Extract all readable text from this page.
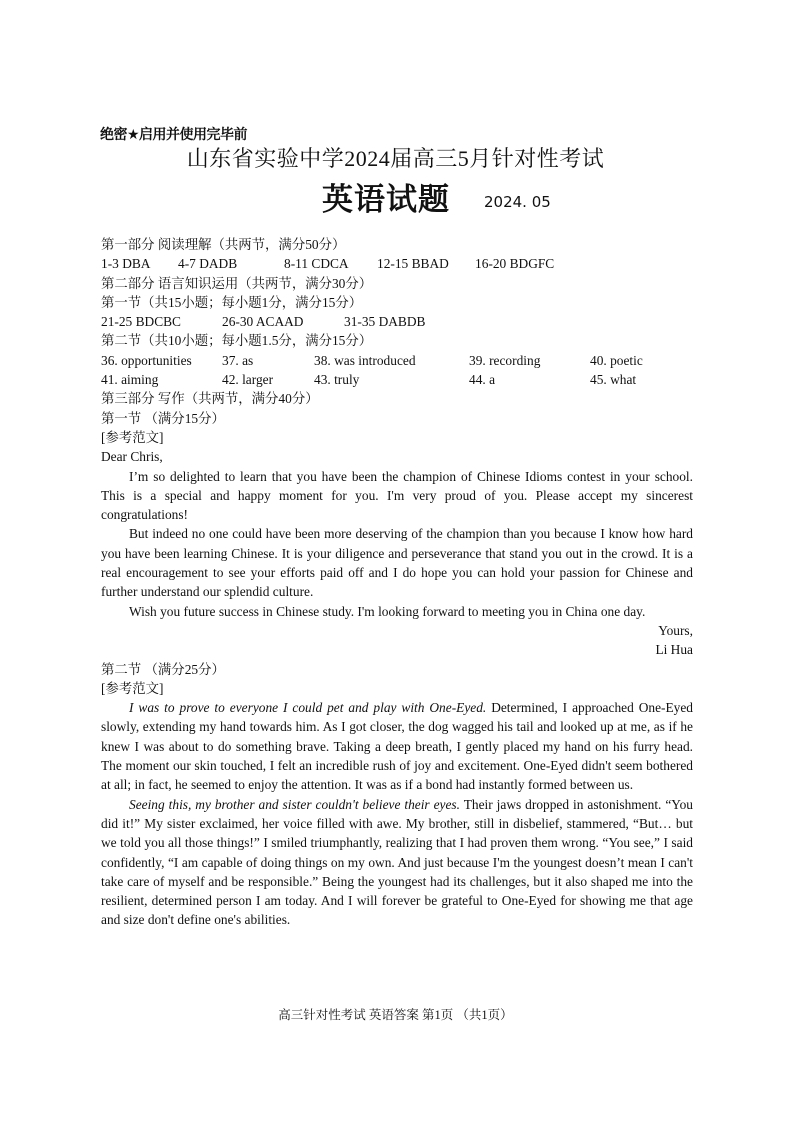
绝密★启用并使用完毕前
山东省实验中学2024届高三5月针对性考试
英语试题 2024. 05
第一部分 阅读理解（共两节，满分50分）
1-3 DBA 4-7 DADB	8-11 CDCA 12-15 BBAD 16-20 BDGFC
第二部分 语言知识运用（共两节，满分30分）
第一节（共15小题；每小题1分，满分15分）
21-25 BDCBC	26-30 ACAAD	31-35 DABDB
第二节（共10小题；每小题1.5分，满分15分）
36. opportunities 37. as	38. was introduced	39. recording	40. poetic
41. aiming	42. larger	43. truly	44. a	45. what
第三部分 写作（共两节，满分40分）
第一节 （满分15分）
[参考范文]
Dear Chris,

I’m so delighted to learn that you have been the champion of Chinese Idioms contest in your school. This is a special and happy moment for you. I'm very proud of you. Please accept my sincerest congratulations!

But indeed no one could have been more deserving of the champion than you because I know how hard you have been learning Chinese. It is your diligence and perseverance that stand you out in the crowd. It is a real encouragement to see your efforts paid off and I do hope you can hold your passion for Chinese and further understand our splendid culture.

Wish you future success in Chinese study. I'm looking forward to meeting you in China one day.

Yours,
Li Hua
第二节 （满分25分）
[参考范文]

I was to prove to everyone I could pet and play with One-Eyed. Determined, I approached One-Eyed slowly, extending my hand towards him. As I got closer, the dog wagged his tail and looked up at me, as if he knew I was about to do something brave. Taking a deep breath, I gently placed my hand on his furry head. The moment our skin touched, I felt an incredible rush of joy and excitement. One-Eyed didn't seem bothered at all; in fact, he seemed to enjoy the attention. It was as if a bond had instantly formed between us.

Seeing this, my brother and sister couldn't believe their eyes. Their jaws dropped in astonishment. “You did it!” My sister exclaimed, her voice filled with awe. My brother, still in disbelief, stammered, “But… but we told you all those things!” I smiled triumphantly, realizing that I had proven them wrong. “You see,” I said confidently, “I am capable of doing things on my own. And just because I'm the youngest doesn’t mean I can't take care of myself and be responsible.” Being the youngest had its challenges, but it also shaped me into the resilient, determined person I am today. And I will forever be grateful to One-Eyed for showing me that age and size don't define one's abilities.

高三针对性考试 英语答案 第1页 （共1页）
